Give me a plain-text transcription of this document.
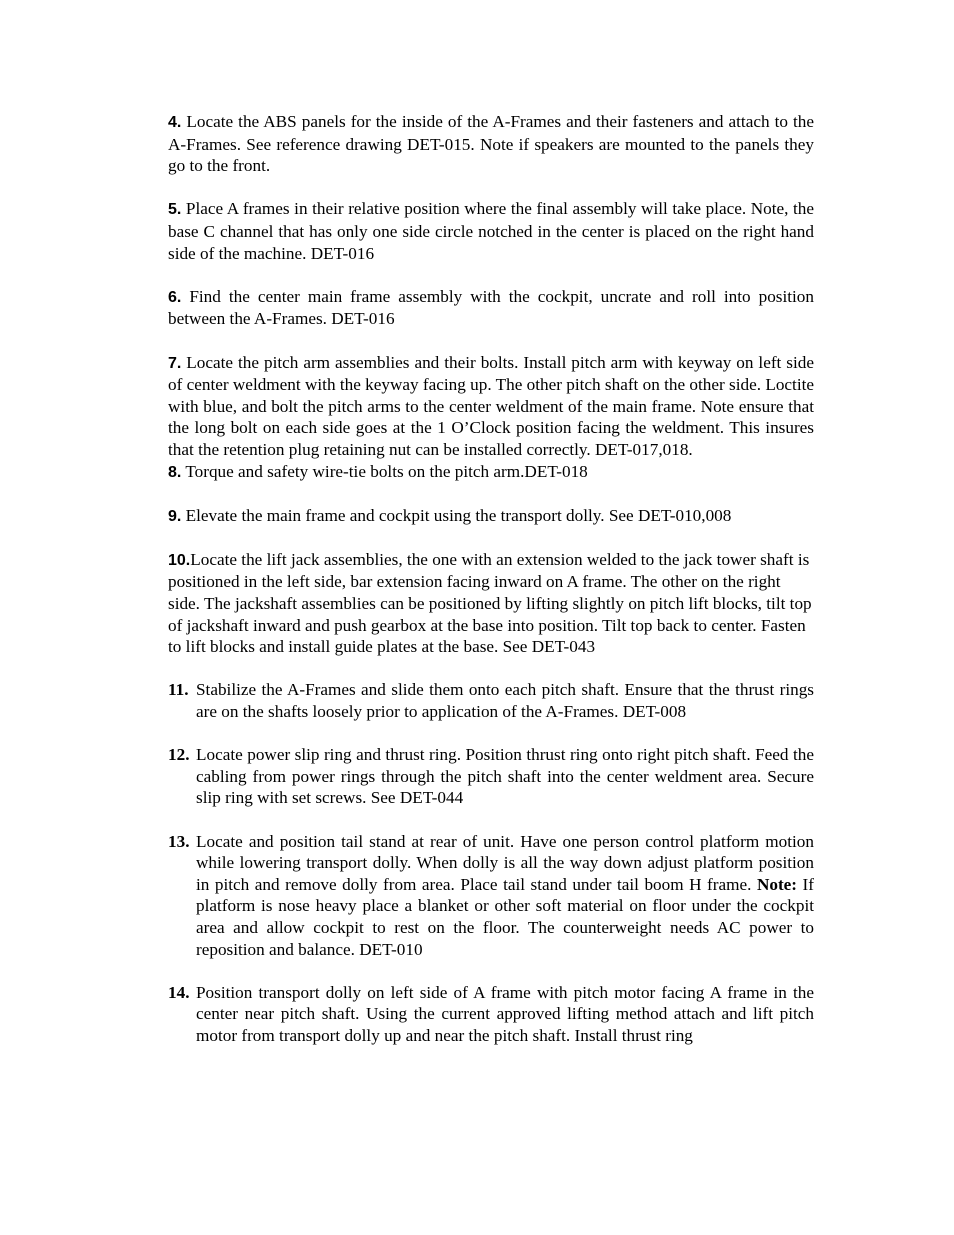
4. Locate the ABS panels for the inside of the A-Frames and their fasteners and attach to the A-Frames. See reference drawing DET-015. Note if speakers are mounted to the panels they go to the front.

5. Place A frames in their relative position where the final assembly will take place. Note, the base C channel that has only one side circle notched in the center is placed on the right hand side of the machine. DET-016

6. Find the center main frame assembly with the cockpit, uncrate and roll into position between the A-Frames. DET-016

7. Locate the pitch arm assemblies and their bolts. Install pitch arm with keyway on left side of center weldment with the keyway facing up. The other pitch shaft on the other side. Loctite with blue, and bolt the pitch arms to the center weldment of the main frame. Note ensure that the long bolt on each side goes at the 1 O’Clock position facing the weldment. This insures that the retention plug retaining nut can be installed correctly. DET-017,018.

8. Torque and safety wire-tie bolts on the pitch arm.DET-018

9. Elevate the main frame and cockpit using the transport dolly. See DET-010,008

10.Locate the lift jack assemblies, the one with an extension welded to the jack tower shaft is positioned in the left side, bar extension facing inward on A frame. The other on the right side. The jackshaft assemblies can be positioned by lifting slightly on pitch lift blocks, tilt top of jackshaft inward and push gearbox at the base into position. Tilt top back to center. Fasten to lift blocks and install guide plates at the base. See DET-043

11. Stabilize the A-Frames and slide them onto each pitch shaft. Ensure that the thrust rings are on the shafts loosely prior to application of the A-Frames. DET-008
12. Locate power slip ring and thrust ring. Position thrust ring onto right pitch shaft. Feed the cabling from power rings through the pitch shaft into the center weldment area. Secure slip ring with set screws. See DET-044
13. Locate and position tail stand at rear of unit. Have one person control platform motion while lowering transport dolly. When dolly is all the way down adjust platform position in pitch and remove dolly from area. Place tail stand under tail boom H frame. Note: If platform is nose heavy place a blanket or other soft material on floor under the cockpit area and allow cockpit to rest on the floor. The counterweight needs AC power to reposition and balance. DET-010
14. Position transport dolly on left side of A frame with pitch motor facing A frame in the center near pitch shaft. Using the current approved lifting method attach and lift pitch motor from transport dolly up and near the pitch shaft. Install thrust ring
